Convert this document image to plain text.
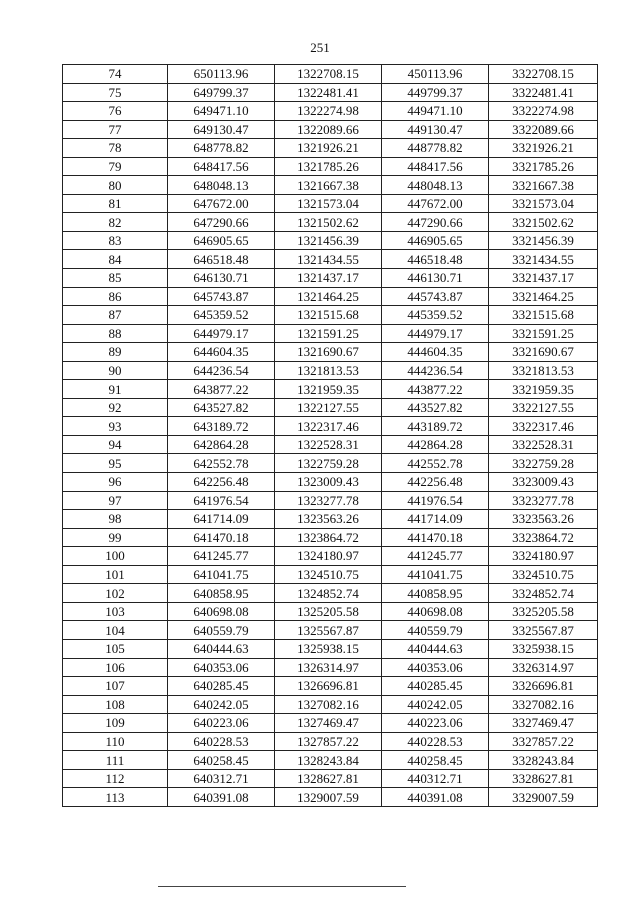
251
74	650113.96	1322708.15	450113.96	3322708.15
75	649799.37	1322481.41	449799.37	3322481.41
76	649471.10	1322274.98	449471.10	3322274.98
77	649130.47	1322089.66	449130.47	3322089.66
78	648778.82	1321926.21	448778.82	3321926.21
79	648417.56	1321785.26	448417.56	3321785.26
80	648048.13	1321667.38	448048.13	3321667.38
81	647672.00	1321573.04	447672.00	3321573.04
82	647290.66	1321502.62	447290.66	3321502.62
83	646905.65	1321456.39	446905.65	3321456.39
84	646518.48	1321434.55	446518.48	3321434.55
85	646130.71	1321437.17	446130.71	3321437.17
86	645743.87	1321464.25	445743.87	3321464.25
87	645359.52	1321515.68	445359.52	3321515.68
88	644979.17	1321591.25	444979.17	3321591.25
89	644604.35	1321690.67	444604.35	3321690.67
90	644236.54	1321813.53	444236.54	3321813.53
91	643877.22	1321959.35	443877.22	3321959.35
92	643527.82	1322127.55	443527.82	3322127.55
93	643189.72	1322317.46	443189.72	3322317.46
94	642864.28	1322528.31	442864.28	3322528.31
95	642552.78	1322759.28	442552.78	3322759.28
96	642256.48	1323009.43	442256.48	3323009.43
97	641976.54	1323277.78	441976.54	3323277.78
98	641714.09	1323563.26	441714.09	3323563.26
99	641470.18	1323864.72	441470.18	3323864.72
100	641245.77	1324180.97	441245.77	3324180.97
101	641041.75	1324510.75	441041.75	3324510.75
102	640858.95	1324852.74	440858.95	3324852.74
103	640698.08	1325205.58	440698.08	3325205.58
104	640559.79	1325567.87	440559.79	3325567.87
105	640444.63	1325938.15	440444.63	3325938.15
106	640353.06	1326314.97	440353.06	3326314.97
107	640285.45	1326696.81	440285.45	3326696.81
108	640242.05	1327082.16	440242.05	3327082.16
109	640223.06	1327469.47	440223.06	3327469.47
110	640228.53	1327857.22	440228.53	3327857.22
111	640258.45	1328243.84	440258.45	3328243.84
112	640312.71	1328627.81	440312.71	3328627.81
113	640391.08	1329007.59	440391.08	3329007.59
